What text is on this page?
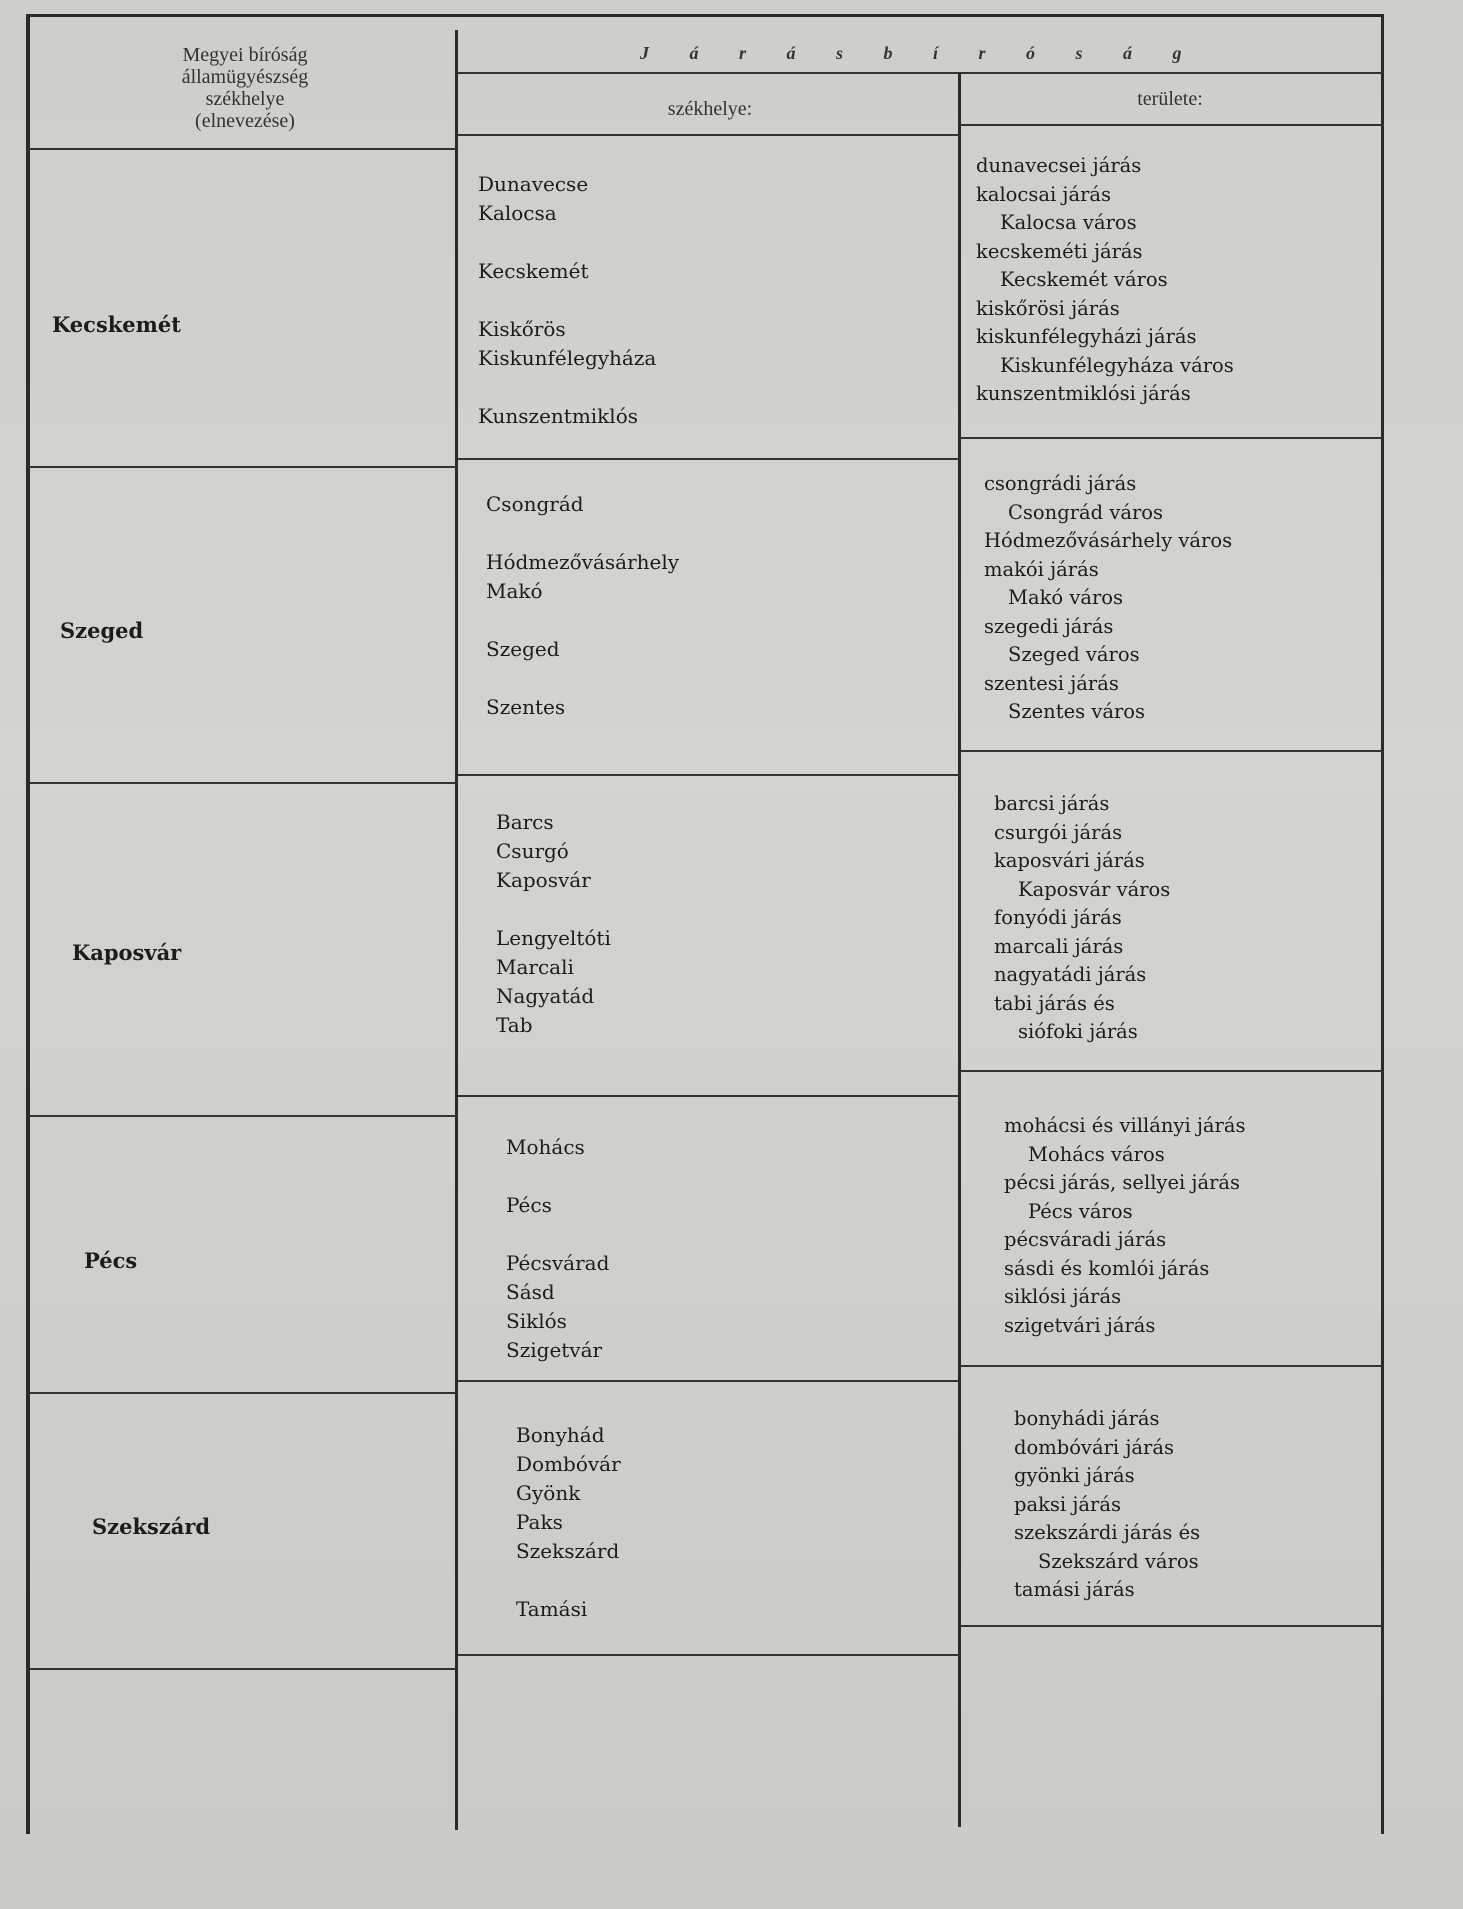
Megyei bíróság
államügyészség
székhelye
(elnevezése)
J á r á s b í r ó s á g
székhelye:	területe:
Kecskemét
Dunavecse
Kalocsa
Kecskemét
Kiskőrös
Kiskunfélegyháza
Kunszentmiklós
dunavecsei járás
kalocsai járás
Kalocsa város
kecskeméti járás
Kecskemét város
kiskőrösi járás
kiskunfélegyházi járás
Kiskunfélegyháza város
kunszentmiklósi járás
Szeged
Csongrád
Hódmezővásárhely
Makó
Szeged
Szentes
csongrádi járás
Csongrád város
Hódmezővásárhely város
makói járás
Makó város
szegedi járás
Szeged város
szentesi járás
Szentes város
Kaposvár
Barcs
Csurgó
Kaposvár
Lengyeltóti
Marcali
Nagyatád
Tab
barcsi járás
csurgói járás
kaposvári járás
Kaposvár város
fonyódi járás
marcali járás
nagyatádi járás
tabi járás és
siófoki járás
Pécs
Mohács
Pécs
Pécsvárad
Sásd
Siklós
Szigetvár
mohácsi és villányi járás
Mohács város
pécsi járás, sellyei járás
Pécs város
pécsváradi járás
sásdi és komlói járás
siklósi járás
szigetvári járás
Szekszárd
Bonyhád
Dombóvár
Gyönk
Paks
Szekszárd
Tamási
bonyhádi járás
dombóvári járás
gyönki járás
paksi járás
szekszárdi járás és
Szekszárd város
tamási járás
